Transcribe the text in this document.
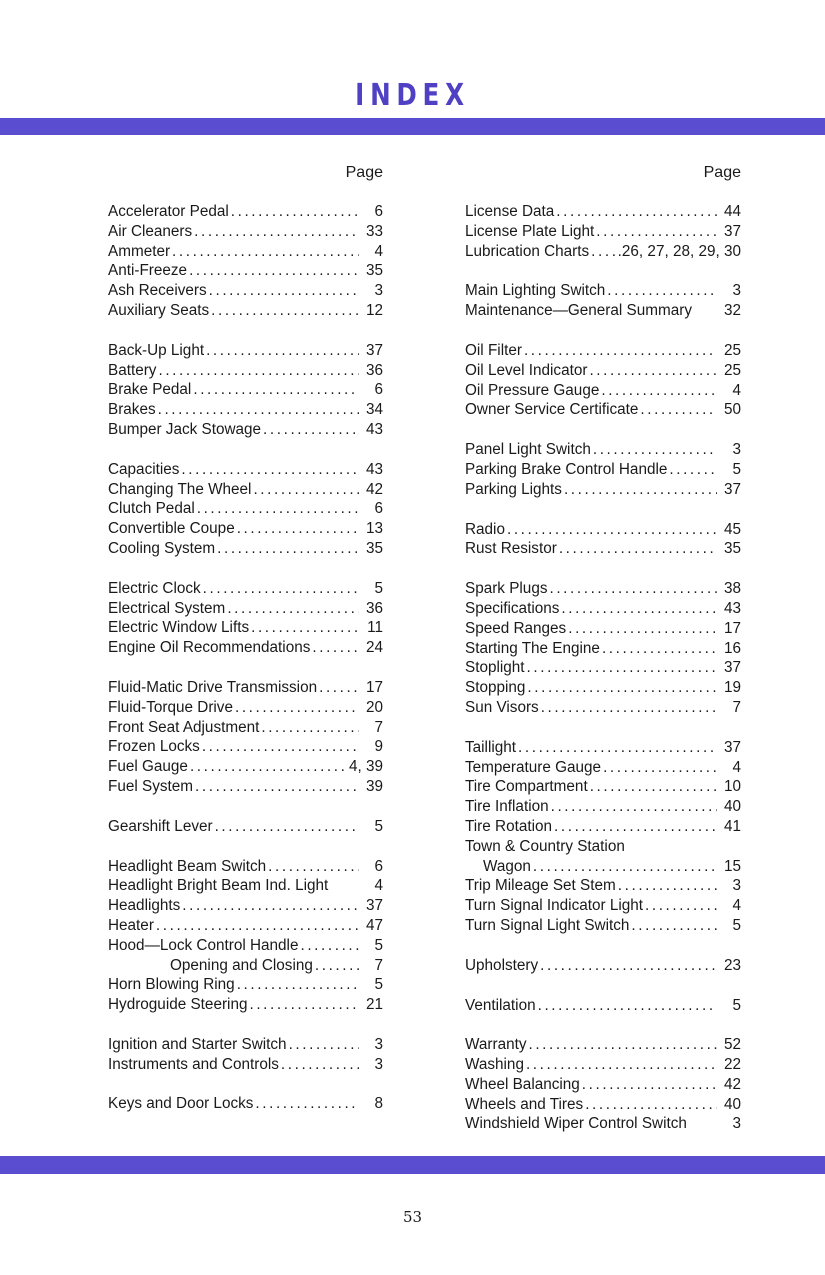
INDEX
Page
Accelerator Pedal .....	6
Air Cleaners .....	33
Ammeter .....	4
Anti-Freeze .....	35
Ash Receivers .....	3
Auxiliary Seats .....	12
Back-Up Light .....	37
Battery .....	36
Brake Pedal .....	6
Brakes .....	34
Bumper Jack Stowage .....	43
Capacities .....	43
Changing The Wheel .....	42
Clutch Pedal .....	6
Convertible Coupe .....	13
Cooling System .....	35
Electric Clock .....	5
Electrical System .....	36
Electric Window Lifts .....	11
Engine Oil Recommendations .....	24
Fluid-Matic Drive Transmission .....	17
Fluid-Torque Drive .....	20
Front Seat Adjustment .....	7
Frozen Locks .....	9
Fuel Gauge .....	4, 39
Fuel System .....	39
Gearshift Lever .....	5
Headlight Beam Switch .....	6
Headlight Bright Beam Ind. Light	4
Headlights .....	37
Heater .....	47
Hood—Lock Control Handle .....	5
Opening and Closing .....	7
Horn Blowing Ring .....	5
Hydroguide Steering .....	21
Ignition and Starter Switch .....	3
Instruments and Controls .....	3
Keys and Door Locks .....	8
Page
License Data .....	44
License Plate Light .....	37
Lubrication Charts ..... .26, 27, 28, 29, 30
Main Lighting Switch .....	3
Maintenance—General Summary	32
Oil Filter .....	25
Oil Level Indicator .....	25
Oil Pressure Gauge .....	4
Owner Service Certificate .....	50
Panel Light Switch .....	3
Parking Brake Control Handle .....	5
Parking Lights .....	37
Radio .....	45
Rust Resistor .....	35
Spark Plugs .....	38
Specifications .....	43
Speed Ranges .....	17
Starting The Engine .....	16
Stoplight .....	37
Stopping .....	19
Sun Visors .....	7
Taillight .....	37
Temperature Gauge .....	4
Tire Compartment .....	10
Tire Inflation .....	40
Tire Rotation .....	41
Town & Country Station
Wagon .....	15
Trip Mileage Set Stem .....	3
Turn Signal Indicator Light .....	4
Turn Signal Light Switch .....	5
Upholstery .....	23
Ventilation .....	5
Warranty .....	52
Washing .....	22
Wheel Balancing .....	42
Wheels and Tires .....	40
Windshield Wiper Control Switch	3
53
